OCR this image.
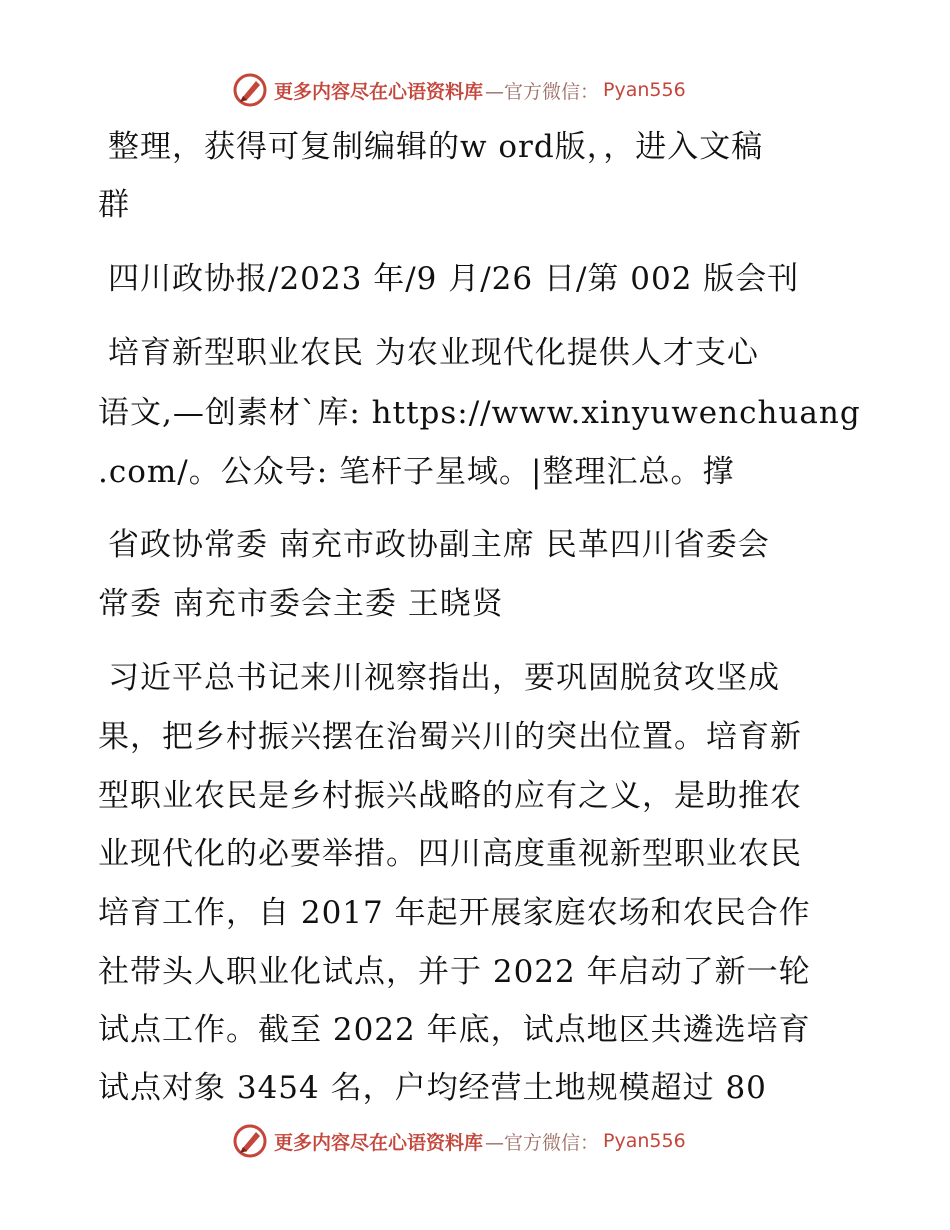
更多内容尽在心语资料库 —官方微信： Pyan556
整理，获得可复制编辑的w ord版，，进入文稿
群
四川政协报/2023 年/9 月/26 日/第 002 版会刊
培育新型职业农民 为农业现代化提供人才支心
语文,—创素材`库: https://www.xinyuwenchuang
.com/。公众号: 笔杆子星域。|整理汇总。撑
省政协常委 南充市政协副主席 民革四川省委会
常委 南充市委会主委 王晓贤
习近平总书记来川视察指出，要巩固脱贫攻坚成
果，把乡村振兴摆在治蜀兴川的突出位置。培育新
型职业农民是乡村振兴战略的应有之义，是助推农
业现代化的必要举措。四川高度重视新型职业农民
培育工作，自 2017 年起开展家庭农场和农民合作
社带头人职业化试点，并于 2022 年启动了新一轮
试点工作。截至 2022 年底，试点地区共遴选培育
试点对象 3454 名，户均经营土地规模超过 80
更多内容尽在心语资料库 —官方微信： Pyan556
